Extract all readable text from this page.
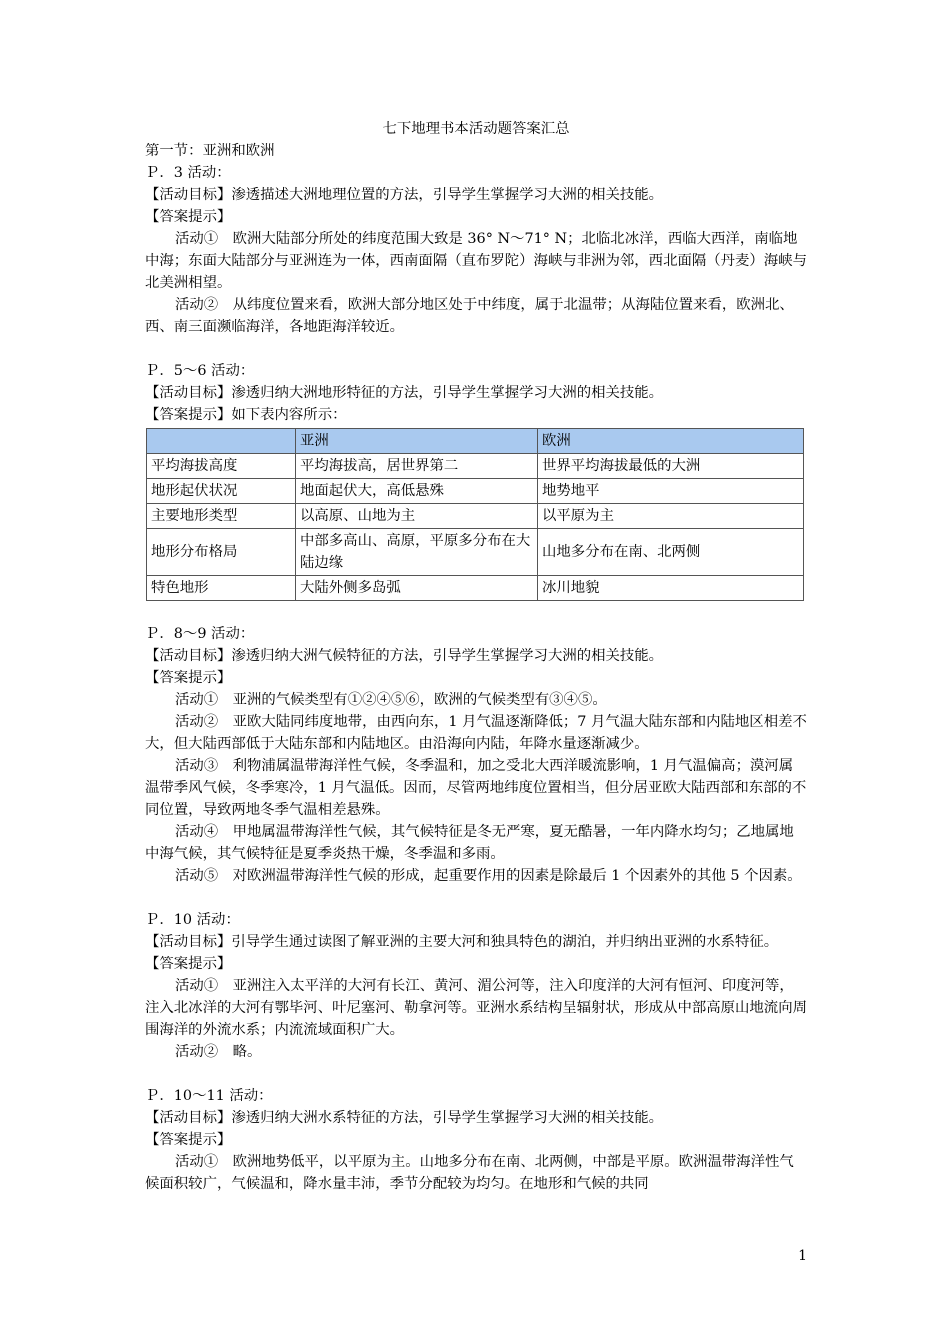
七下地理书本活动题答案汇总

第一节：亚洲和欧洲

Ｐ．3 活动：

【活动目标】渗透描述大洲地理位置的方法，引导学生掌握学习大洲的相关技能。

【答案提示】

活动①　欧洲大陆部分所处的纬度范围大致是 36° N～71° N；北临北冰洋，西临大西洋，南临地中海；东面大陆部分与亚洲连为一体，西南面隔（直布罗陀）海峡与非洲为邻，西北面隔（丹麦）海峡与北美洲相望。

活动②　从纬度位置来看，欧洲大部分地区处于中纬度，属于北温带；从海陆位置来看，欧洲北、西、南三面濒临海洋，各地距海洋较近。

Ｐ．5～6 活动：

【活动目标】渗透归纳大洲地形特征的方法，引导学生掌握学习大洲的相关技能。

【答案提示】如下表内容所示：

	亚洲	欧洲
平均海拔高度	平均海拔高，居世界第二	世界平均海拔最低的大洲
地形起伏状况	地面起伏大，高低悬殊	地势地平
主要地形类型	以高原、山地为主	以平原为主
地形分布格局	中部多高山、高原，平原多分布在大陆边缘	山地多分布在南、北两侧
特色地形	大陆外侧多岛弧	冰川地貌

Ｐ．8～9 活动：

【活动目标】渗透归纳大洲气候特征的方法，引导学生掌握学习大洲的相关技能。

【答案提示】

活动①　亚洲的气候类型有①②④⑤⑥，欧洲的气候类型有③④⑤。

活动②　亚欧大陆同纬度地带，由西向东，1 月气温逐渐降低；7 月气温大陆东部和内陆地区相差不大，但大陆西部低于大陆东部和内陆地区。由沿海向内陆，年降水量逐渐减少。

活动③　利物浦属温带海洋性气候，冬季温和，加之受北大西洋暖流影响，1 月气温偏高；漠河属温带季风气候，冬季寒冷，1 月气温低。因而，尽管两地纬度位置相当，但分居亚欧大陆西部和东部的不同位置，导致两地冬季气温相差悬殊。

活动④　甲地属温带海洋性气候，其气候特征是冬无严寒，夏无酷暑，一年内降水均匀；乙地属地中海气候，其气候特征是夏季炎热干燥，冬季温和多雨。

活动⑤　对欧洲温带海洋性气候的形成，起重要作用的因素是除最后 1 个因素外的其他 5 个因素。

Ｐ．10 活动：

【活动目标】引导学生通过读图了解亚洲的主要大河和独具特色的湖泊，并归纳出亚洲的水系特征。

【答案提示】

活动①　亚洲注入太平洋的大河有长江、黄河、湄公河等，注入印度洋的大河有恒河、印度河等，注入北冰洋的大河有鄂毕河、叶尼塞河、勒拿河等。亚洲水系结构呈辐射状，形成从中部高原山地流向周围海洋的外流水系；内流流域面积广大。

活动②　略。

Ｐ．10～11 活动：

【活动目标】渗透归纳大洲水系特征的方法，引导学生掌握学习大洲的相关技能。

【答案提示】

活动①　欧洲地势低平，以平原为主。山地多分布在南、北两侧，中部是平原。欧洲温带海洋性气候面积较广，气候温和，降水量丰沛，季节分配较为均匀。在地形和气候的共同

1
